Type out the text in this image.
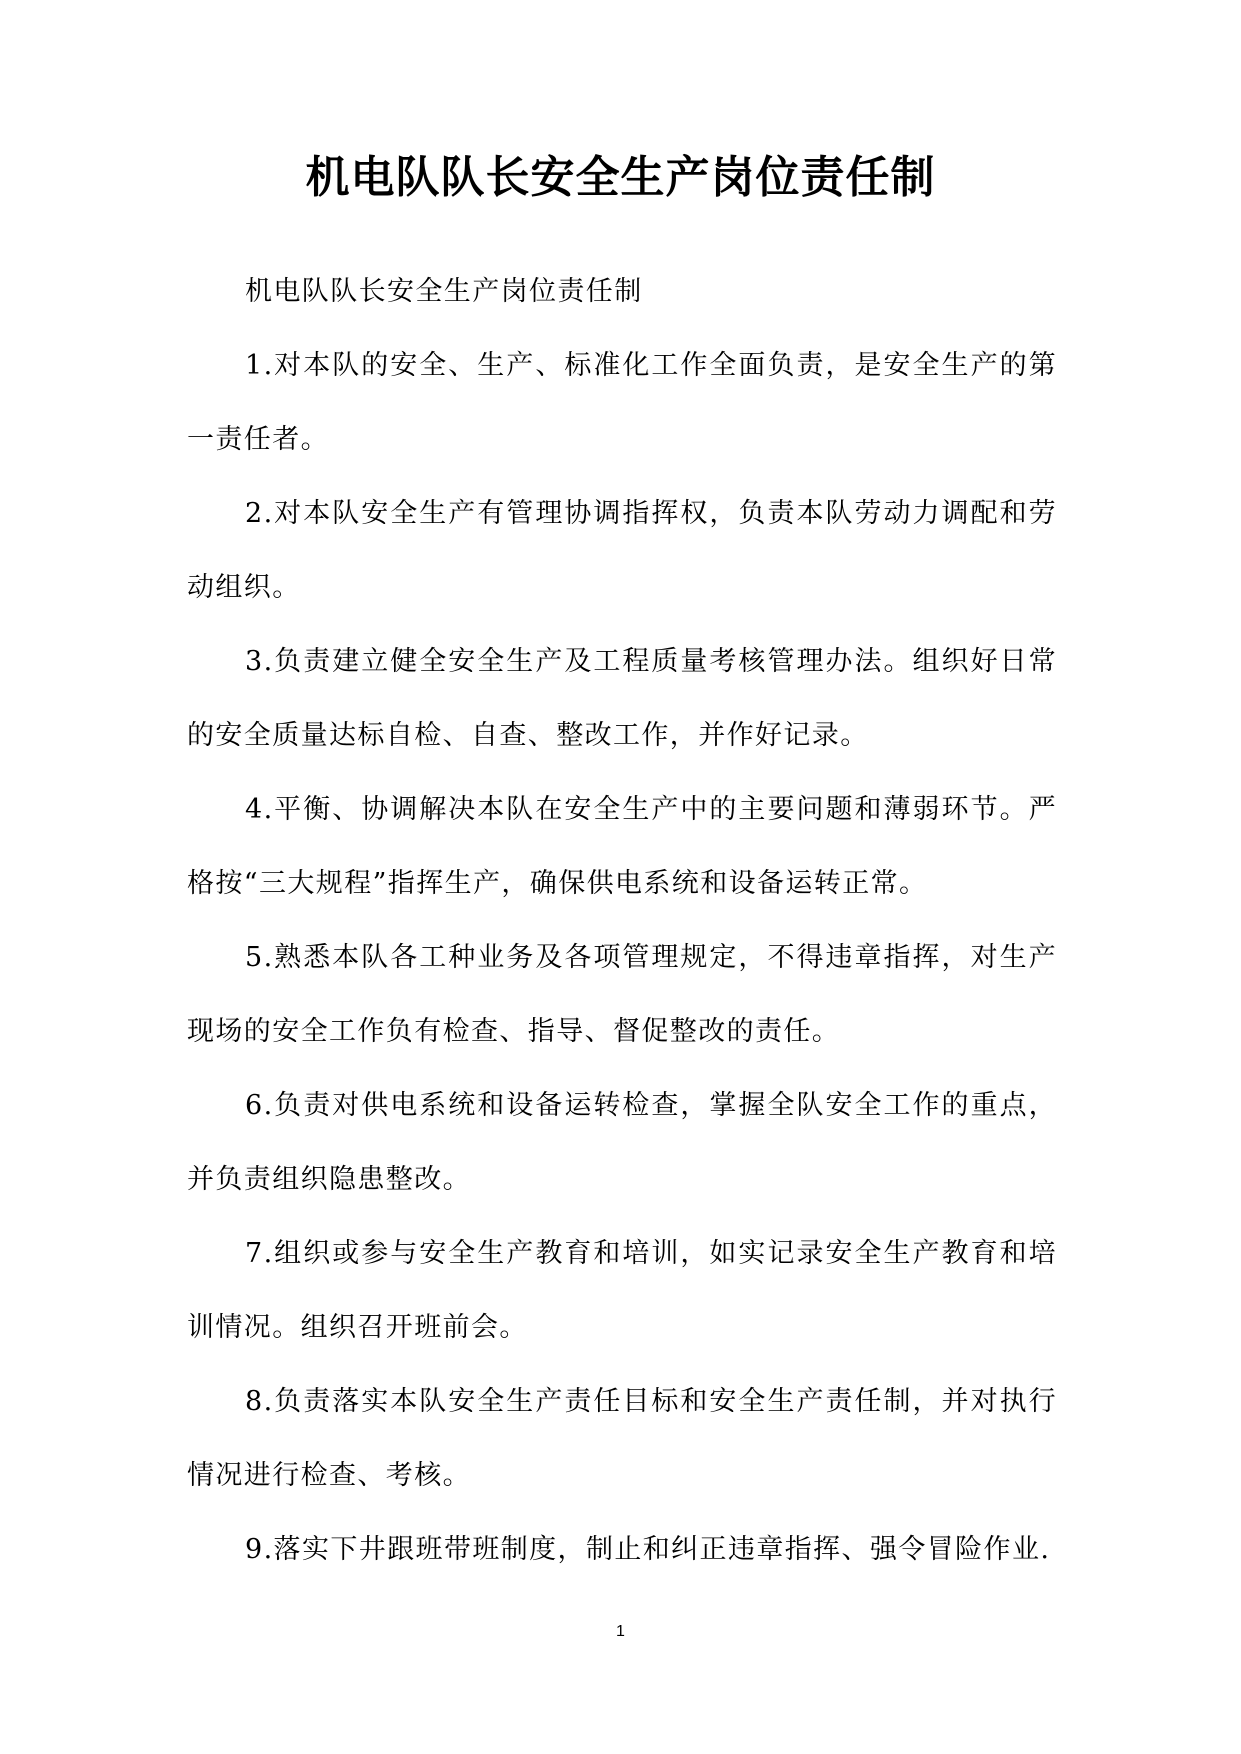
机电队队长安全生产岗位责任制

机电队队长安全生产岗位责任制

1.对本队的安全、生产、标准化工作全面负责，是安全生产的第一责任者。

2.对本队安全生产有管理协调指挥权，负责本队劳动力调配和劳动组织。

3.负责建立健全安全生产及工程质量考核管理办法。组织好日常的安全质量达标自检、自查、整改工作，并作好记录。

4.平衡、协调解决本队在安全生产中的主要问题和薄弱环节。严格按“三大规程”指挥生产，确保供电系统和设备运转正常。

5.熟悉本队各工种业务及各项管理规定，不得违章指挥，对生产现场的安全工作负有检查、指导、督促整改的责任。

6.负责对供电系统和设备运转检查，掌握全队安全工作的重点，并负责组织隐患整改。

7.组织或参与安全生产教育和培训，如实记录安全生产教育和培训情况。组织召开班前会。

8.负责落实本队安全生产责任目标和安全生产责任制，并对执行情况进行检查、考核。

9.落实下井跟班带班制度，制止和纠正违章指挥、强令冒险作业.

1
